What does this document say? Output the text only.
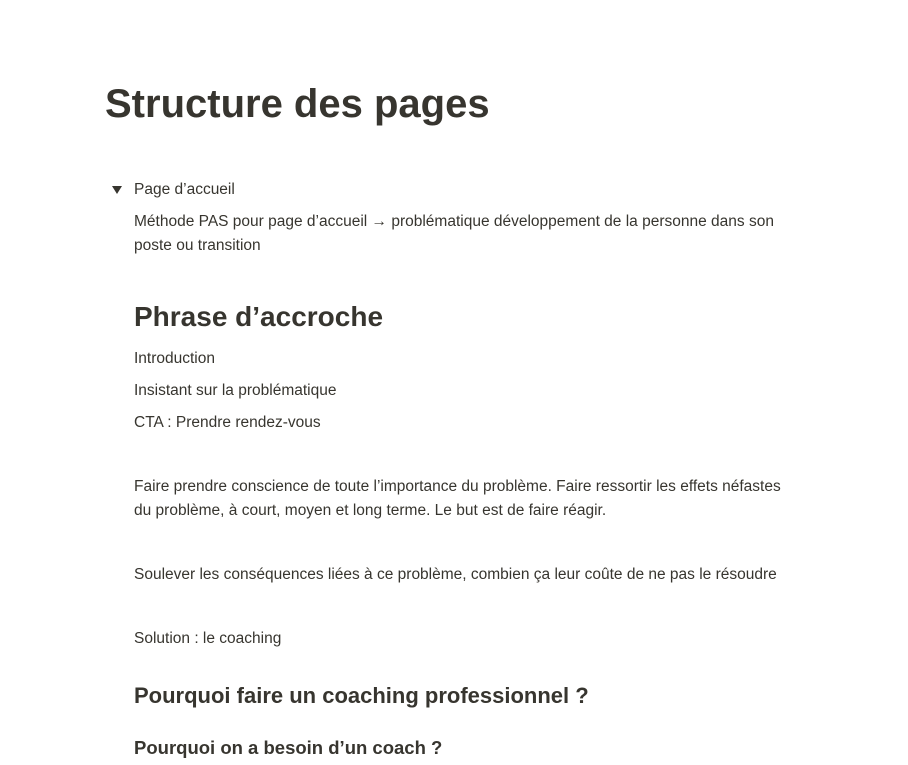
Structure des pages
Page d’accueil

Méthode PAS pour page d’accueil → problématique développement de la personne dans son poste ou transition

Phrase d’accroche

Introduction

Insistant sur la problématique

CTA : Prendre rendez-vous

Faire prendre conscience de toute l’importance du problème. Faire ressortir les effets néfastes du problème, à court, moyen et long terme. Le but est de faire réagir.

Soulever les conséquences liées à ce problème, combien ça leur coûte de ne pas le résoudre

Solution : le coaching

Pourquoi faire un coaching professionnel ?
Pourquoi on a besoin d’un coach ?
